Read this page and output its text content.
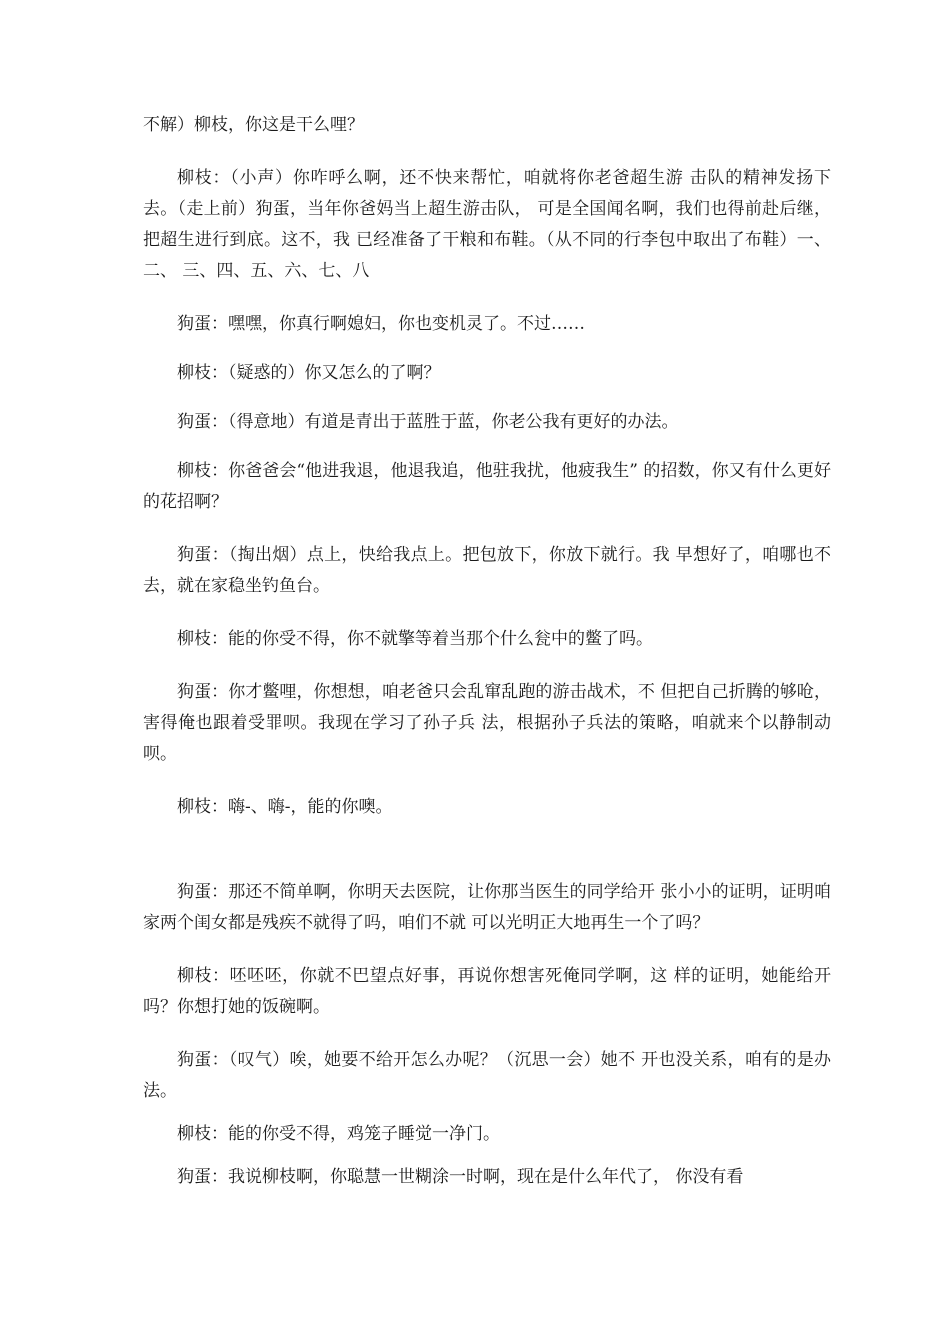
不解）柳枝，你这是干么哩？

柳枝：（小声）你咋呼么啊，还不快来帮忙，咱就将你老爸超生游 击队的精神发扬下去。（走上前）狗蛋，当年你爸妈当上超生游击队， 可是全国闻名啊，我们也得前赴后继，把超生进行到底。这不，我 已经准备了干粮和布鞋。（从不同的行李包中取出了布鞋）一、二、 三、四、五、六、七、八

狗蛋：嘿嘿，你真行啊媳妇，你也变机灵了。不过……

柳枝：（疑惑的）你又怎么的了啊？

狗蛋：（得意地）有道是青出于蓝胜于蓝，你老公我有更好的办法。

柳枝：你爸爸会“他进我退，他退我追，他驻我扰，他疲我生” 的招数，你又有什么更好的花招啊？

狗蛋：（掏出烟）点上，快给我点上。把包放下，你放下就行。我 早想好了，咱哪也不去，就在家稳坐钓鱼台。

柳枝：能的你受不得，你不就擎等着当那个什么瓮中的鳖了吗。

狗蛋：你才鳖哩，你想想，咱老爸只会乱窜乱跑的游击战术，不 但把自己折腾的够呛，害得俺也跟着受罪呗。我现在学习了孙子兵 法，根据孙子兵法的策略，咱就来个以静制动呗。

柳枝：嗨-、嗨-，能的你噢。

狗蛋：那还不简单啊，你明天去医院，让你那当医生的同学给开 张小小的证明，证明咱家两个闺女都是残疾不就得了吗，咱们不就 可以光明正大地再生一个了吗？

柳枝：呸呸呸，你就不巴望点好事，再说你想害死俺同学啊，这 样的证明，她能给开吗？你想打她的饭碗啊。

狗蛋：（叹气）唉，她要不给开怎么办呢？（沉思一会）她不 开也没关系，咱有的是办法。

柳枝：能的你受不得，鸡笼子睡觉一净门。

狗蛋：我说柳枝啊，你聪慧一世糊涂一时啊，现在是什么年代了， 你没有看
